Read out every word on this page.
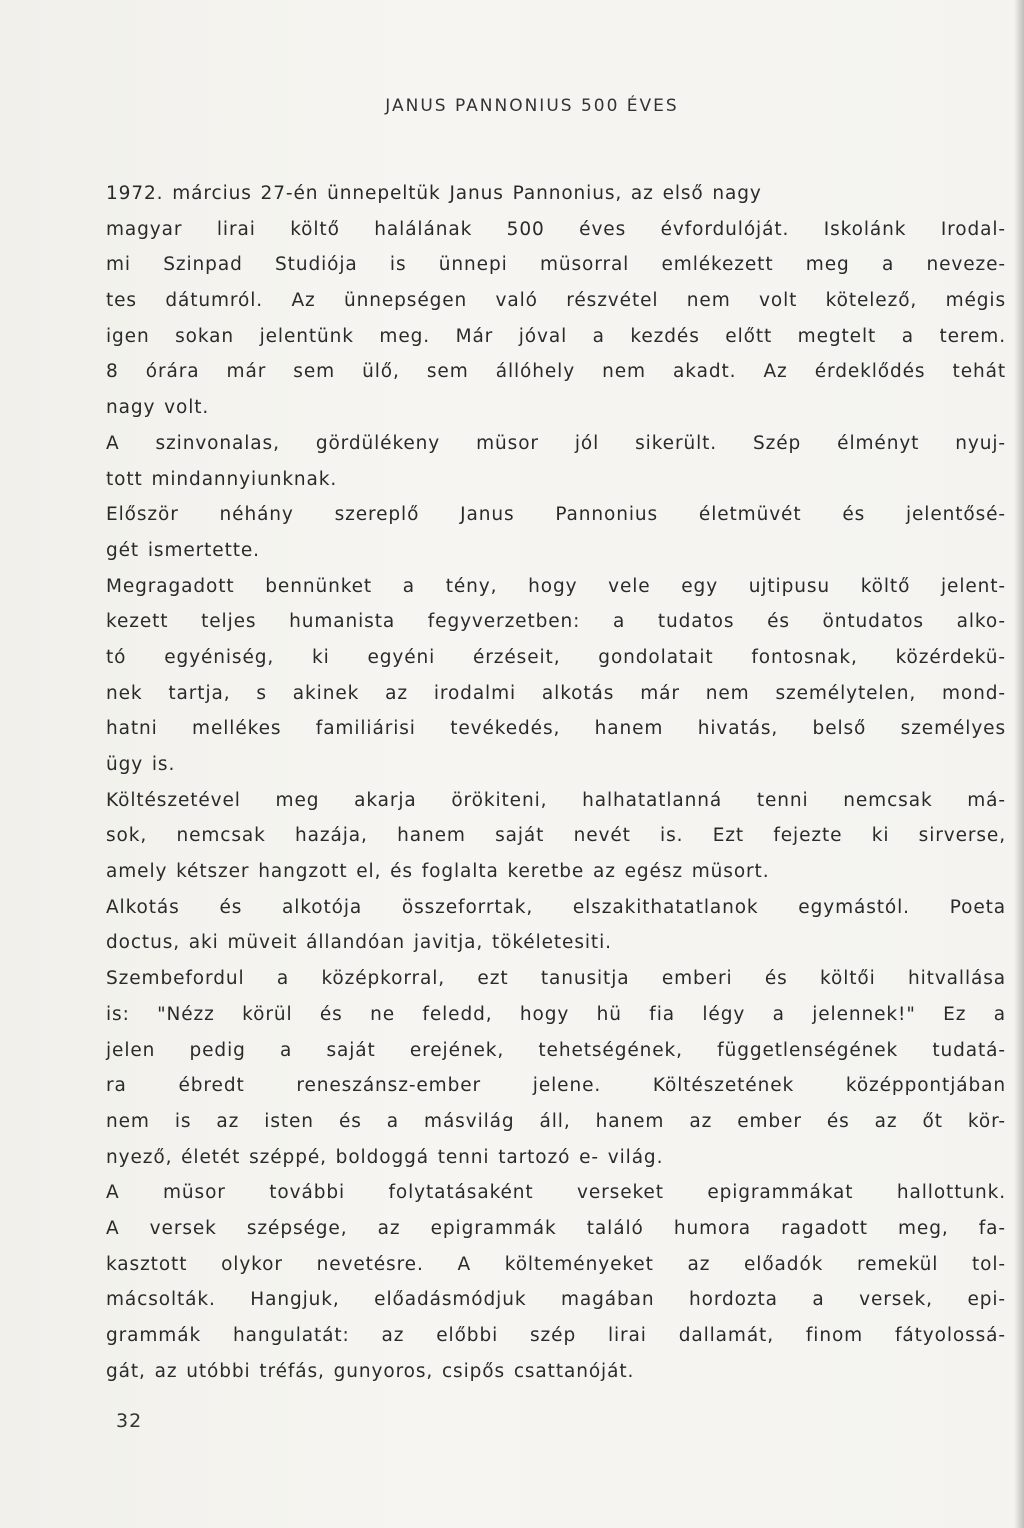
JANUS PANNONIUS 500 ÉVES
1972. március 27-én ünnepeltük Janus Pannonius, az első nagy
magyar lirai költő halálának 500 éves évfordulóját. Iskolánk Irodal-
mi Szinpad Studiója is ünnepi müsorral emlékezett meg a neveze-
tes dátumról. Az ünnepségen való részvétel nem volt kötelező, mégis
igen sokan jelentünk meg. Már jóval a kezdés előtt megtelt a terem.
8 órára már sem ülő, sem állóhely nem akadt. Az érdeklődés tehát
nagy volt.
A szinvonalas, gördülékeny müsor jól sikerült. Szép élményt nyuj-
tott mindannyiunknak.
Először néhány szereplő Janus Pannonius életmüvét és jelentősé-
gét ismertette.
Megragadott bennünket a tény, hogy vele egy ujtipusu költő jelent-
kezett teljes humanista fegyverzetben: a tudatos és öntudatos alko-
tó egyéniség, ki egyéni érzéseit, gondolatait fontosnak, közérdekü-
nek tartja, s akinek az irodalmi alkotás már nem személytelen, mond-
hatni mellékes familiárisi tevékedés, hanem hivatás, belső személyes
ügy is.
Költészetével meg akarja örökiteni, halhatatlanná tenni nemcsak má-
sok, nemcsak hazája, hanem saját nevét is. Ezt fejezte ki sirverse,
amely kétszer hangzott el, és foglalta keretbe az egész müsort.
Alkotás és alkotója összeforrtak, elszakithatatlanok egymástól. Poeta
doctus, aki müveit állandóan javitja, tökéletesiti.
Szembefordul a középkorral, ezt tanusitja emberi és költői hitvallása
is: "Nézz körül és ne feledd, hogy hü fia légy a jelennek!" Ez a
jelen pedig a saját erejének, tehetségének, függetlenségének tudatá-
ra ébredt reneszánsz-ember jelene. Költészetének középpontjában
nem is az isten és a másvilág áll, hanem az ember és az őt kör-
nyező, életét széppé, boldoggá tenni tartozó e- világ.
A müsor további folytatásaként verseket epigrammákat hallottunk.
A versek szépsége, az epigrammák találó humora ragadott meg, fa-
kasztott olykor nevetésre. A költeményeket az előadók remekül tol-
mácsolták. Hangjuk, előadásmódjuk magában hordozta a versek, epi-
grammák hangulatát: az előbbi szép lirai dallamát, finom fátyolossá-
gát, az utóbbi tréfás, gunyoros, csipős csattanóját.
32
